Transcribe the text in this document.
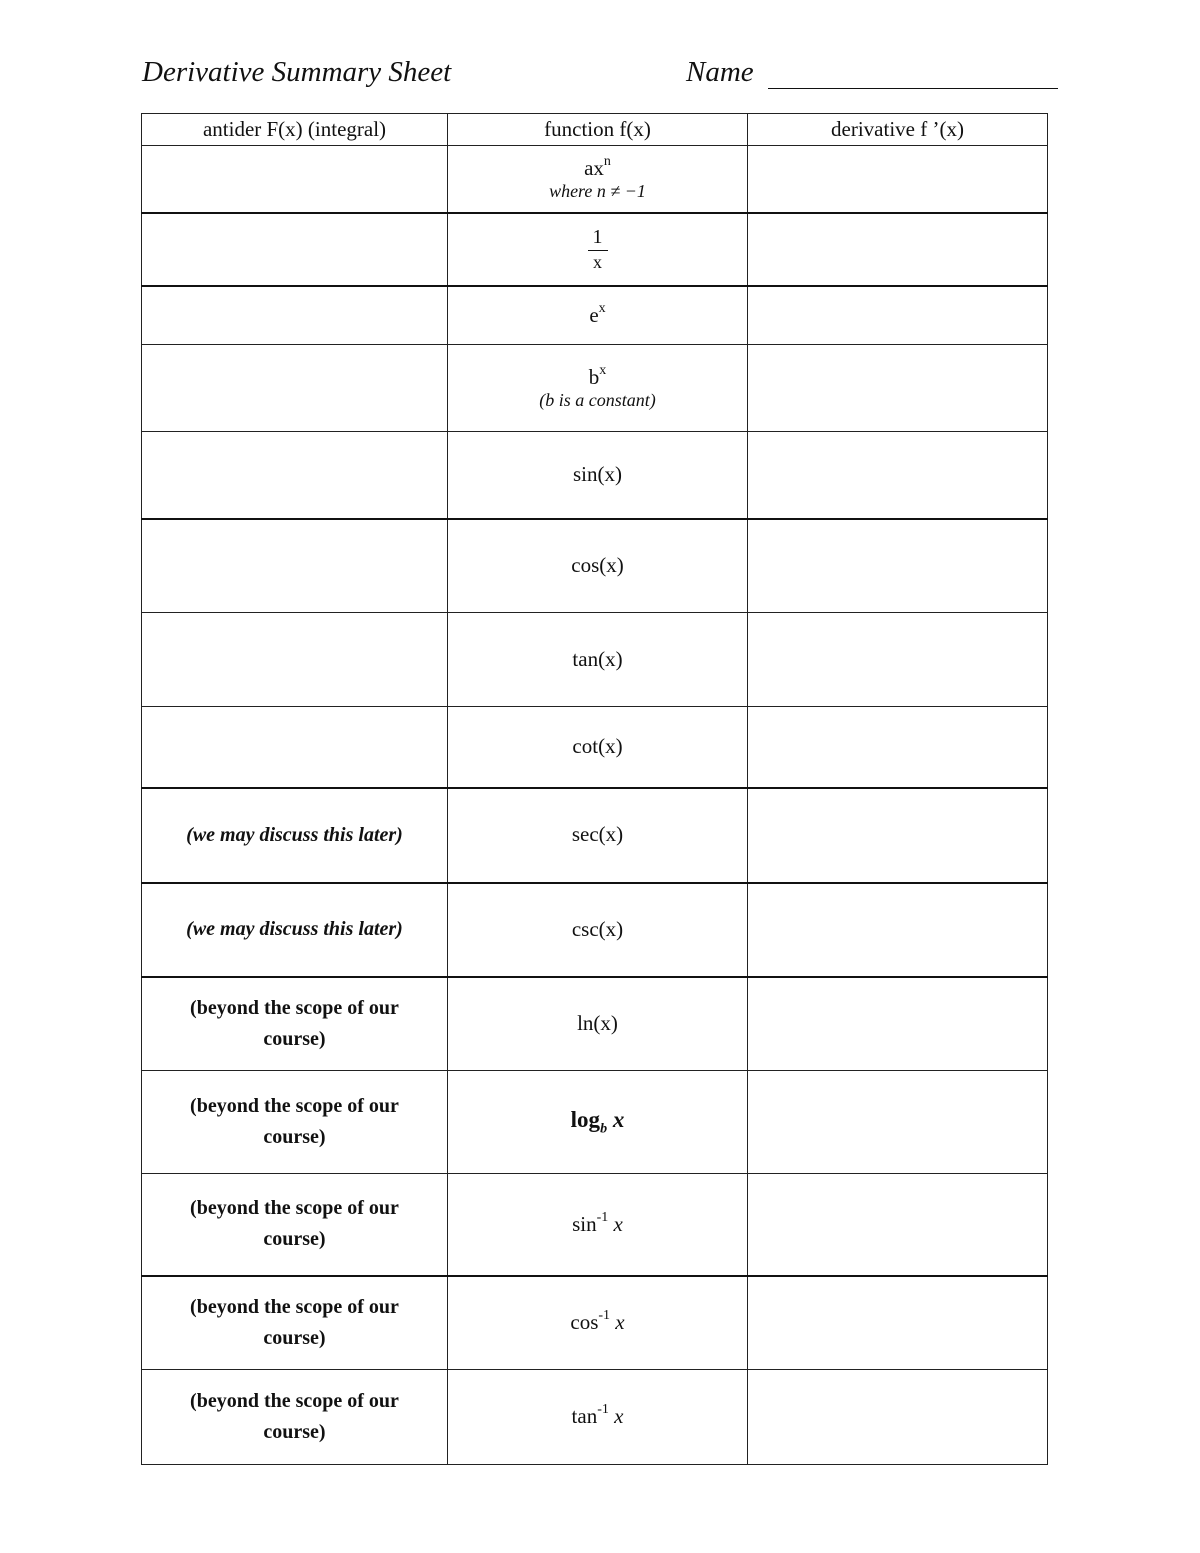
Derivative Summary Sheet	Name
antider F(x) (integral)	function f(x)	derivative f ’(x)

	$ax^n$
where n ≠ −1	

	$\frac{1}{x}$

	$e^x$

	$b^x$
(b is a constant)	

	sin(x)	
	cos(x)	
	tan(x)	
	cot(x)	
(we may discuss this later)	sec(x)	
(we may discuss this later)	csc(x)	

(beyond the scope of our course)	ln(x)	

(beyond the scope of our course)	$\log_b x$	

(beyond the scope of our course)	$\sin^{-1} x$	

(beyond the scope of our course)	$\cos^{-1} x$	

(beyond the scope of our course)	$\tan^{-1} x$	
